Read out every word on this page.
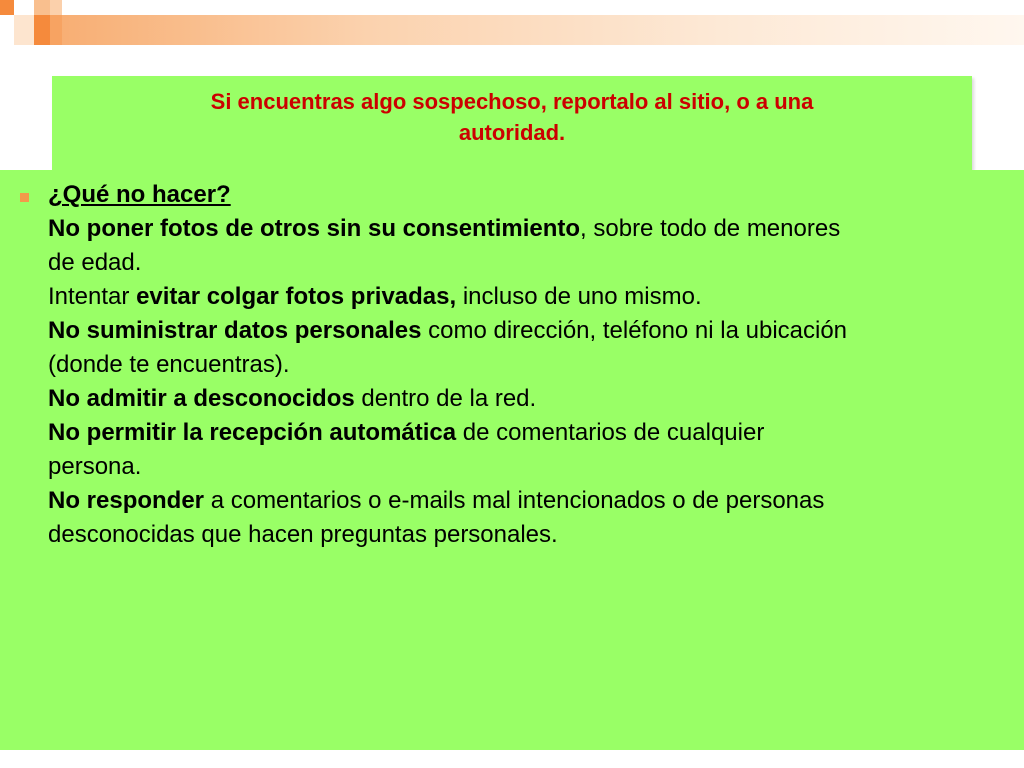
Si encuentras algo sospechoso, reportalo al sitio, o a una
autoridad.
¿Qué no hacer?
No poner fotos de otros sin su consentimiento, sobre todo de menores
de edad.
Intentar evitar colgar fotos privadas, incluso de uno mismo.
No suministrar datos personales como dirección, teléfono ni la ubicación
(donde te encuentras).
No admitir a desconocidos dentro de la red.
No permitir la recepción automática de comentarios de cualquier
persona.
No responder a comentarios o e-mails mal intencionados o de personas
desconocidas que hacen preguntas personales.
